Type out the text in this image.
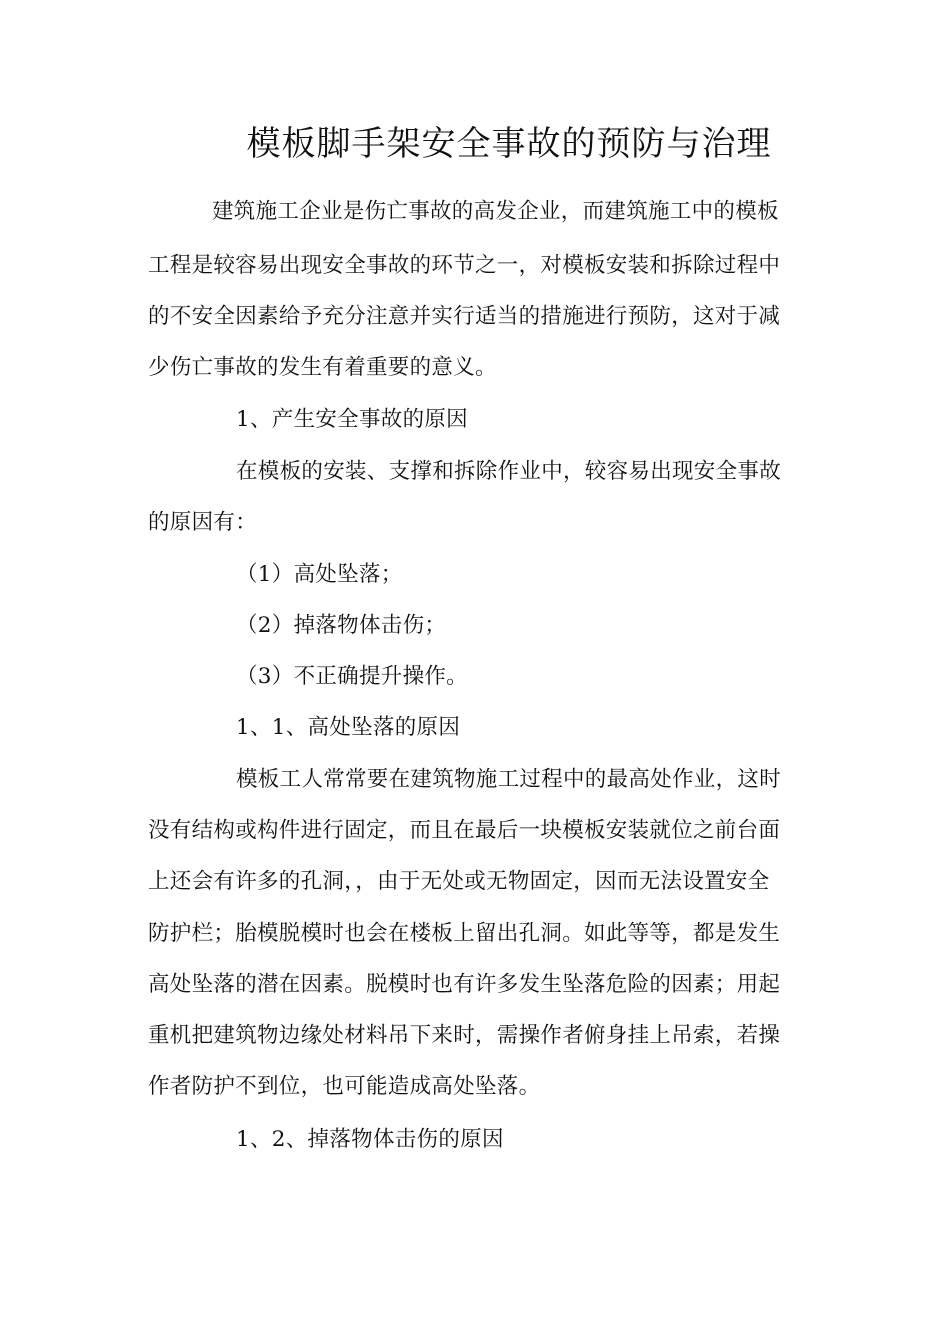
模板脚手架安全事故的预防与治理
建筑施工企业是伤亡事故的高发企业，而建筑施工中的模板
工程是较容易出现安全事故的环节之一，对模板安装和拆除过程中
的不安全因素给予充分注意并实行适当的措施进行预防，这对于减
少伤亡事故的发生有着重要的意义。
1、产生安全事故的原因
在模板的安装、支撑和拆除作业中，较容易出现安全事故
的原因有：
（1）高处坠落；
（2）掉落物体击伤；
（3）不正确提升操作。
1、1、高处坠落的原因
模板工人常常要在建筑物施工过程中的最高处作业，这时
没有结构或构件进行固定，而且在最后一块模板安装就位之前台面
上还会有许多的孔洞，，由于无处或无物固定，因而无法设置安全
防护栏；胎模脱模时也会在楼板上留出孔洞。如此等等，都是发生
高处坠落的潜在因素。脱模时也有许多发生坠落危险的因素；用起
重机把建筑物边缘处材料吊下来时，需操作者俯身挂上吊索，若操
作者防护不到位，也可能造成高处坠落。
1、2、掉落物体击伤的原因
